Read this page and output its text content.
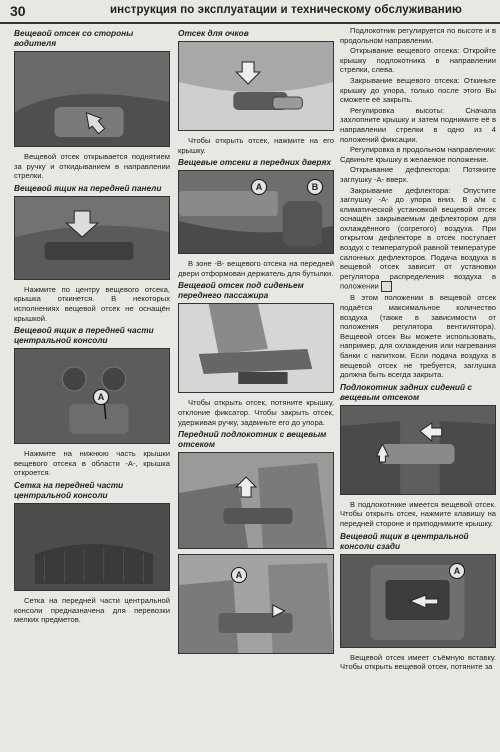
30	инструкция по эксплуатации и техническому обслуживанию
Вещевой отсек со стороны водителя

Вещевой отсек открывается поднятием за ручку и откидыванием в направлении стрелки.

Вещевой ящик на передней панели

Нажмите по центру вещевого отсека, крышка откинется. В некоторых исполнениях вещевой отсек не оснащён крышкой.

Вещевой ящик в передней части центральной консоли
A

Нажмите на нижнюю часть крышки вещевого отсека в области -А-, крышка откроется.

Сетка на передней части центральной консоли

Сетка на передней части центральной консоли предназначена для перевозки мелких предметов.

Отсек для очков

Чтобы открыть отсек, нажмите на его крышку.

Вещевые отсеки в передних дверях
A	B

В зоне -В- вещевого отсека на передней двери отформован держатель для бутылки.

Вещевой отсек под сиденьем переднего пассажира

Чтобы открыть отсек, потяните крышку, отклоние фиксатор. Чтобы закрыть отсек, удерживая ручку, задвиньте его до упора.

Передний подлокотник с вещевым отсеком
A

Подлокотник регулируется по высоте и в продольном направлении.

Открывание вещевого отсека: Откройте крышку подлокотника в направлении стрелки, слева.

Закрывание вещевого отсека: Откиньте крышку до упора, только после этого Вы сможете её закрыть.

Регулировка высоты: Сначала захлопните крышку и затем поднимите её в направлении стрелки в одно из 4 положений фиксации.

Регулировка в продольном направлении: Сдвиньте крышку в желаемое положение.

Открывание дефлектора: Потяните заглушку -А- вверх.

Закрывание дефлектора: Опустите заглушку -А- до упора вниз. В а/м с климатической установкой вещевой отсек оснащён закрываемым дефлектором для охлаждённого (согретого) воздуха. При открытом дефлекторе в отсек поступает воздух с температурой равной температуре салонных дефлекторов. Подача воздуха в вещевой отсек зависит от установки регулятора распределения воздуха в положении

В этом положении в вещевой отсек подаётся максимальное количество воздуха (также в зависимости от положения регулятора вентилятора). Вещевой отсек Вы можете использовать, например, для охлаждения или нагревания банки с напитком. Если подача воздуха в вещевой отсек не требуется, заглушка должна быть всегда закрыта.

Подлокотник задних сидений с вещевым отсеком

В подлокотнике имеется вещевой отсек. Чтобы открыть отсек, нажмите клавишу на передней стороне и приподнимите крышку.

Вещевой ящик в центральной консоли сзади
A

Вещевой отсек имеет съёмную вставку. Чтобы открыть вещевой отсек, потяните за
